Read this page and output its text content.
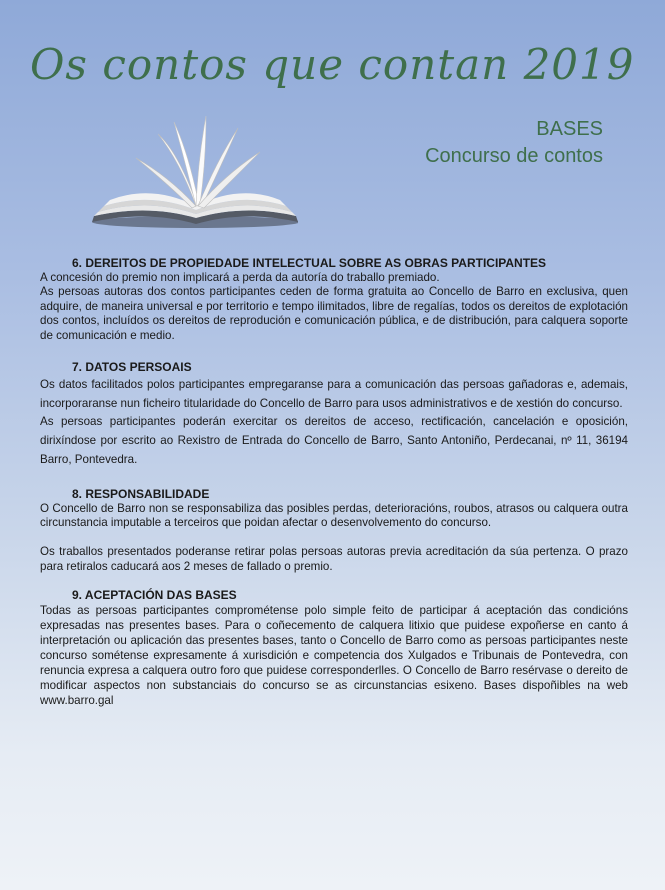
Os contos que contan 2019
BASES
Concurso de contos
6. DEREITOS DE PROPIEDADE INTELECTUAL SOBRE AS OBRAS PARTICIPANTES

A concesión do premio non implicará a perda da autoría do traballo premiado.

As persoas autoras dos contos participantes ceden de forma gratuita ao Concello de Barro en exclusiva, quen adquire, de maneira universal e por territorio e tempo ilimitados, libre de regalías, todos os dereitos de explotación dos contos, incluídos os dereitos de reprodución e comunicación pública, e de distribución, para calquera soporte de comunicación e medio.

7. DATOS PERSOAIS

Os datos facilitados polos participantes empregaranse para a comunicación das persoas gañadoras e, ademais, incorporaranse nun ficheiro titularidade do Concello de Barro para usos administrativos e de xestión do concurso.

As persoas participantes poderán exercitar os dereitos de acceso, rectificación, cancelación e oposición, dirixíndose por escrito ao Rexistro de Entrada do Concello de Barro, Santo Antoniño, Perdecanai, nº 11, 36194 Barro, Pontevedra.

8. RESPONSABILIDADE

O Concello de Barro non se responsabiliza das posibles perdas, deterioracións, roubos, atrasos ou calquera outra circunstancia imputable a terceiros que poidan afectar o desenvolvemento do concurso.

Os traballos presentados poderanse retirar polas persoas autoras previa acreditación da súa pertenza. O prazo para retiralos caducará aos 2 meses de fallado o premio.

9. ACEPTACIÓN DAS BASES

Todas as persoas participantes comprométense polo simple feito de participar á aceptación das condicións expresadas nas presentes bases. Para o coñecemento de calquera litixio que puidese expoñerse en canto á interpretación ou aplicación das presentes bases, tanto o Concello de Barro como as persoas participantes neste concurso sométense expresamente á xurisdición e competencia dos Xulgados e Tribunais de Pontevedra, con renuncia expresa a calquera outro foro que puidese corresponderlles. O Concello de Barro resérvase o dereito de modificar aspectos non substanciais do concurso se as circunstancias esixeno. Bases dispoñibles na web www.barro.gal
